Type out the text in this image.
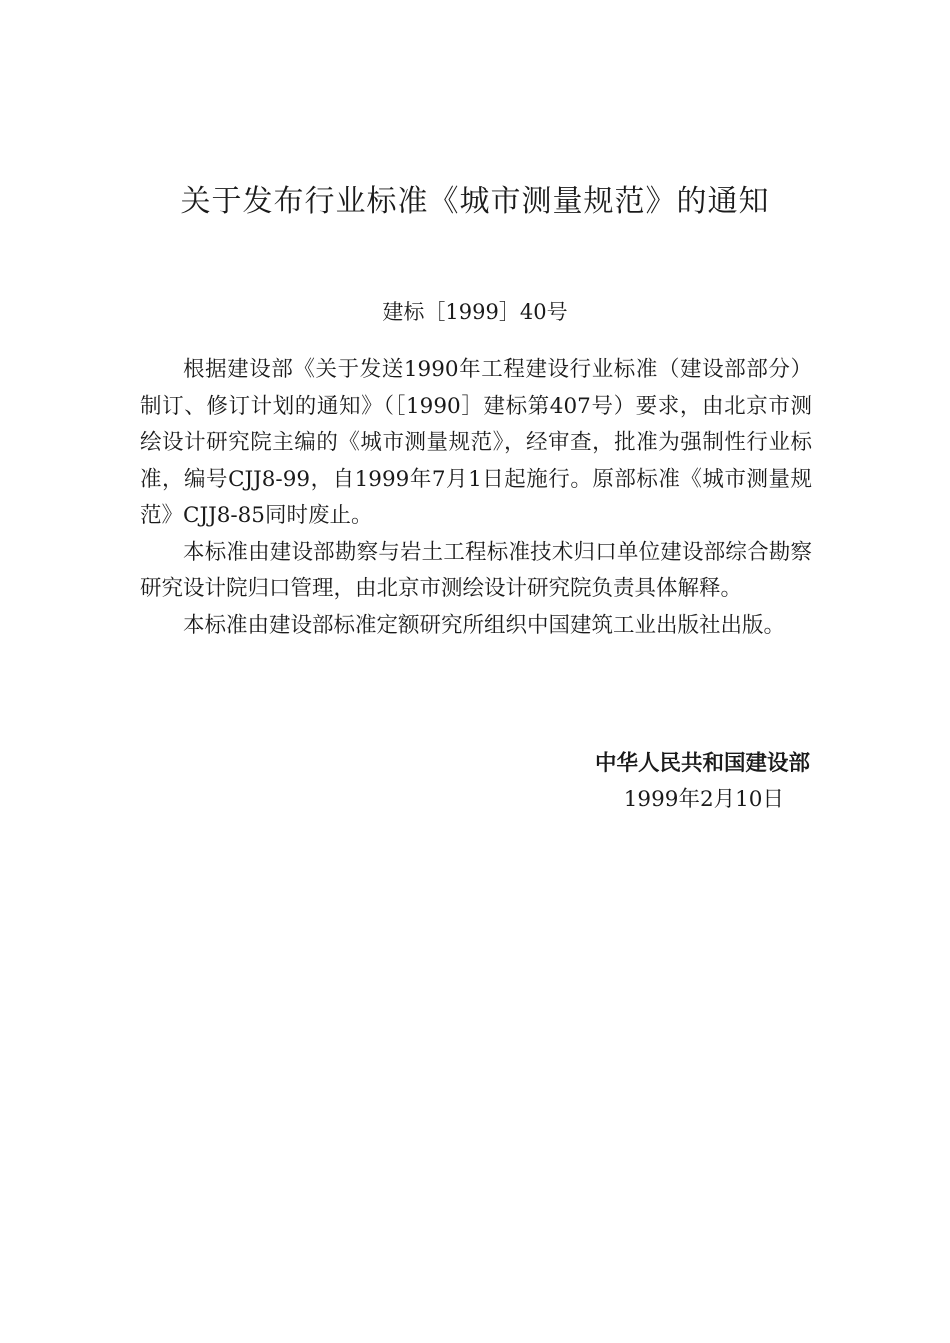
关于发布行业标准《城市测量规范》的通知
建标［1999］40号

根据建设部《关于发送1990年工程建设行业标准（建设部部分）制订、修订计划的通知》（［1990］建标第407号）要求，由北京市测绘设计研究院主编的《城市测量规范》，经审查，批准为强制性行业标准，编号CJJ8-99，自1999年7月1日起施行。原部标准《城市测量规范》CJJ8-85同时废止。

本标准由建设部勘察与岩土工程标准技术归口单位建设部综合勘察研究设计院归口管理，由北京市测绘设计研究院负责具体解释。

本标准由建设部标准定额研究所组织中国建筑工业出版社出版。

中华人民共和国建设部
1999年2月10日
